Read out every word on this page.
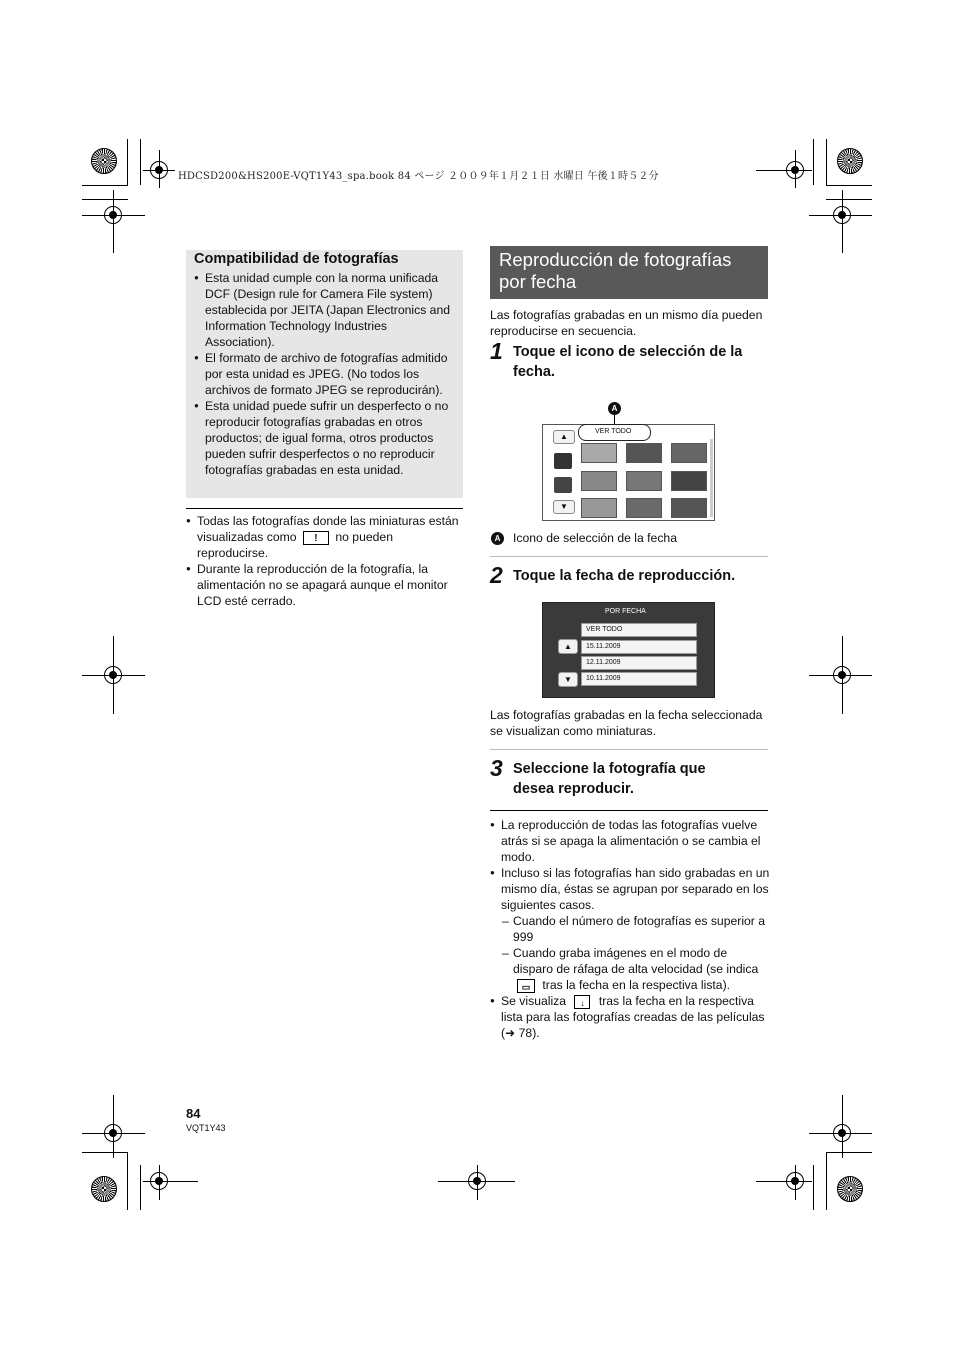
HDCSD200&HS200E-VQT1Y43_spa.book 84 ページ ２００９年１月２１日 水曜日 午後１時５２分
Compatibilidad de fotografías
● Esta unidad cumple con la norma unificada DCF (Design rule for Camera File system) establecida por JEITA (Japan Electronics and Information Technology Industries Association).
● El formato de archivo de fotografías admitido por esta unidad es JPEG. (No todos los archivos de formato JPEG se reproducirán).
● Esta unidad puede sufrir un desperfecto o no reproducir fotografías grabadas en otros productos; de igual forma, otros productos pueden sufrir desperfectos o no reproducir fotografías grabadas en esta unidad.
● Todas las fotografías donde las miniaturas están visualizadas como ! no pueden reproducirse.
● Durante la reproducción de la fotografía, la alimentación no se apagará aunque el monitor LCD esté cerrado.
Reproducción de fotografías
por fecha
Las fotografías grabadas en un mismo día pueden reproducirse en secuencia.
1 Toque el icono de selección de la fecha.
A
▲
▼
VER TODO
A Icono de selección de la fecha
2 Toque la fecha de reproducción.
POR FECHA
VER TODO
15.11.2009
12.11.2009
10.11.2009
▲
▼
Las fotografías grabadas en la fecha seleccionada se visualizan como miniaturas.
3 Seleccione la fotografía que desea reproducir.
● La reproducción de todas las fotografías vuelve atrás si se apaga la alimentación o se cambia el modo.
● Incluso si las fotografías han sido grabadas en un mismo día, éstas se agrupan por separado en los siguientes casos.
– Cuando el número de fotografías es superior a 999
– Cuando graba imágenes en el modo de disparo de ráfaga de alta velocidad (se indica ▭ tras la fecha en la respectiva lista).
● Se visualiza ↓ tras la fecha en la respectiva lista para las fotografías creadas de las películas (➜ 78).
84
VQT1Y43
